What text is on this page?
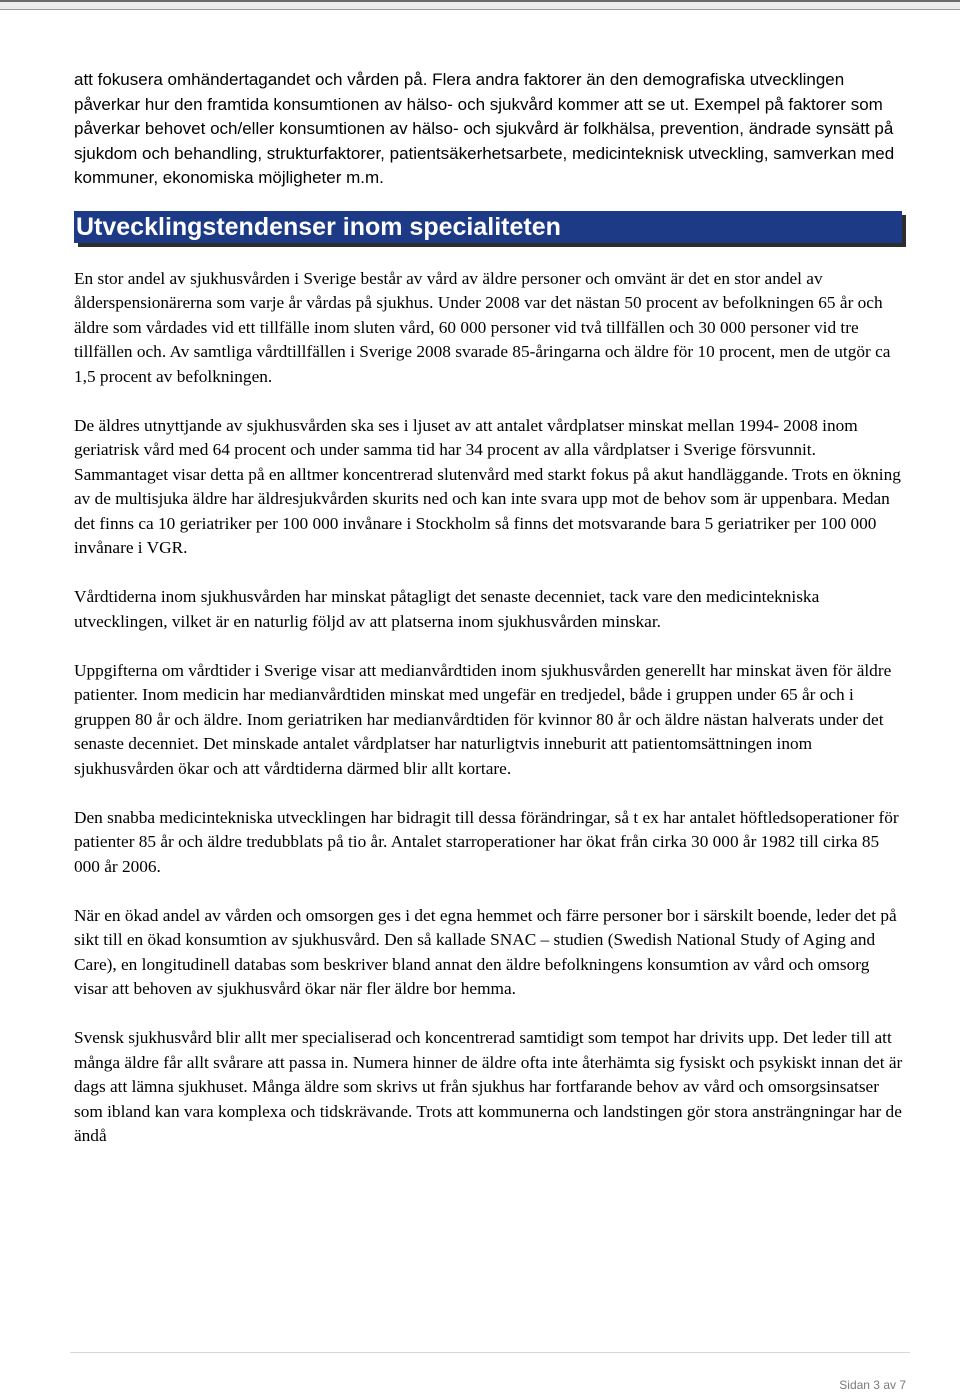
att fokusera omhändertagandet och vården på. Flera andra faktorer än den demografiska utvecklingen påverkar hur den framtida konsumtionen av hälso- och sjukvård kommer att se ut. Exempel på faktorer som påverkar behovet och/eller konsumtionen av hälso- och sjukvård är folkhälsa, prevention, ändrade synsätt på sjukdom och behandling, strukturfaktorer, patientsäkerhetsarbete, medicinteknisk utveckling, samverkan med kommuner, ekonomiska möjligheter m.m.

Utvecklingstendenser inom specialiteten

En stor andel av sjukhusvården i Sverige består av vård av äldre personer och omvänt är det en stor andel av ålderspensionärerna som varje år vårdas på sjukhus. Under 2008 var det nästan 50 procent av befolkningen 65 år och äldre som vårdades vid ett tillfälle inom sluten vård, 60 000 personer vid två tillfällen och 30 000 personer vid tre tillfällen och. Av samtliga vårdtillfällen i Sverige 2008 svarade 85-åringarna och äldre för 10 procent, men de utgör ca 1,5 procent av befolkningen.

De äldres utnyttjande av sjukhusvården ska ses i ljuset av att antalet vårdplatser minskat mellan 1994- 2008 inom geriatrisk vård med 64 procent och under samma tid har 34 procent av alla vårdplatser i Sverige försvunnit. Sammantaget visar detta på en alltmer koncentrerad slutenvård med starkt fokus på akut handläggande. Trots en ökning av de multisjuka äldre har äldresjukvården skurits ned och kan inte svara upp mot de behov som är uppenbara. Medan det finns ca 10 geriatriker per 100 000 invånare i Stockholm så finns det motsvarande bara 5 geriatriker per 100 000 invånare i VGR.

Vårdtiderna inom sjukhusvården har minskat påtagligt det senaste decenniet, tack vare den medicintekniska utvecklingen, vilket är en naturlig följd av att platserna inom sjukhusvården minskar.

Uppgifterna om vårdtider i Sverige visar att medianvårdtiden inom sjukhusvården generellt har minskat även för äldre patienter. Inom medicin har medianvårdtiden minskat med ungefär en tredjedel, både i gruppen under 65 år och i gruppen 80 år och äldre. Inom geriatriken har medianvårdtiden för kvinnor 80 år och äldre nästan halverats under det senaste decenniet. Det minskade antalet vårdplatser har naturligtvis inneburit att patientomsättningen inom sjukhusvården ökar och att vårdtiderna därmed blir allt kortare.

Den snabba medicintekniska utvecklingen har bidragit till dessa förändringar, så t ex har antalet höftledsoperationer för patienter 85 år och äldre tredubblats på tio år. Antalet starroperationer har ökat från cirka 30 000 år 1982 till cirka 85 000 år 2006.

När en ökad andel av vården och omsorgen ges i det egna hemmet och färre personer bor i särskilt boende, leder det på sikt till en ökad konsumtion av sjukhusvård. Den så kallade SNAC – studien (Swedish National Study of Aging and Care), en longitudinell databas som beskriver bland annat den äldre befolkningens konsumtion av vård och omsorg visar att behoven av sjukhusvård ökar när fler äldre bor hemma.

Svensk sjukhusvård blir allt mer specialiserad och koncentrerad samtidigt som tempot har drivits upp. Det leder till att många äldre får allt svårare att passa in. Numera hinner de äldre ofta inte återhämta sig fysiskt och psykiskt innan det är dags att lämna sjukhuset. Många äldre som skrivs ut från sjukhus har fortfarande behov av vård och omsorgsinsatser som ibland kan vara komplexa och tidskrävande. Trots att kommunerna och landstingen gör stora ansträngningar har de ändå

Sidan 3 av 7
